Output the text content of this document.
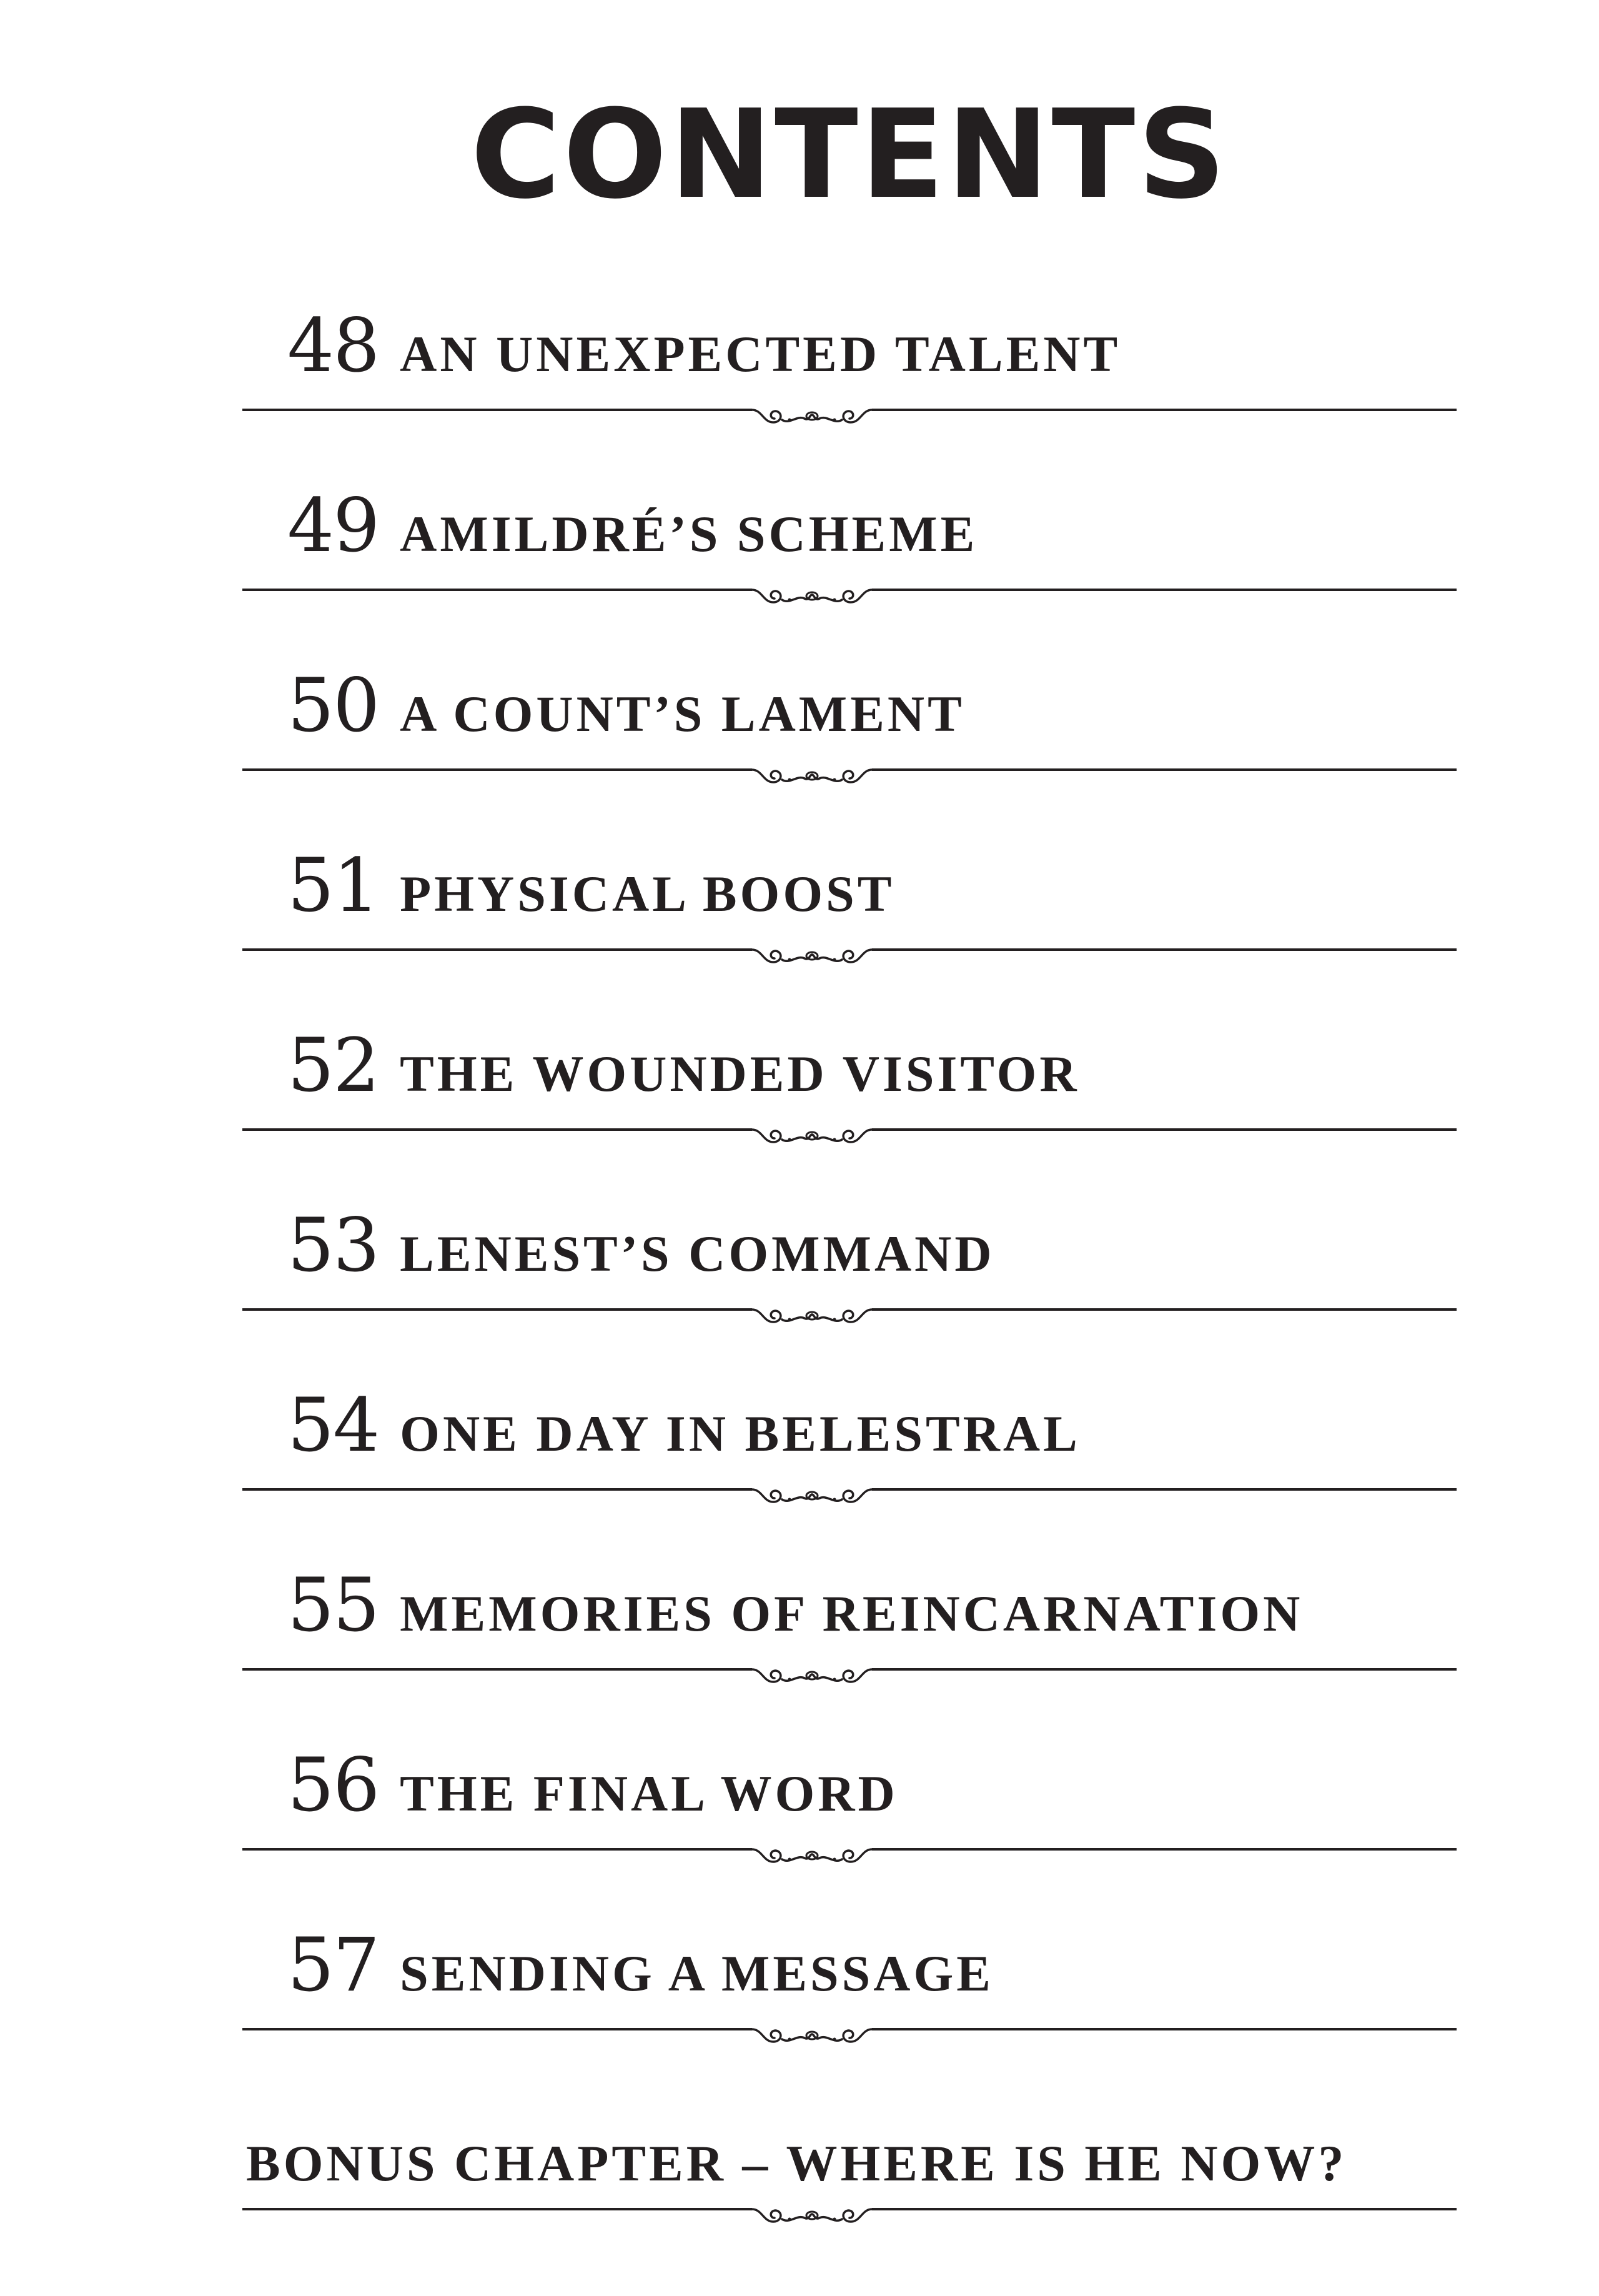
CONTENTS
48 AN UNEXPECTED TALENT
49 AMILDRÉ’S SCHEME
50 A COUNT’S LAMENT
51 PHYSICAL BOOST
52 THE WOUNDED VISITOR
53 LENEST’S COMMAND
54 ONE DAY IN BELESTRAL
55 MEMORIES OF REINCARNATION
56 THE FINAL WORD
57 SENDING A MESSAGE
BONUS CHAPTER – WHERE IS HE NOW?
